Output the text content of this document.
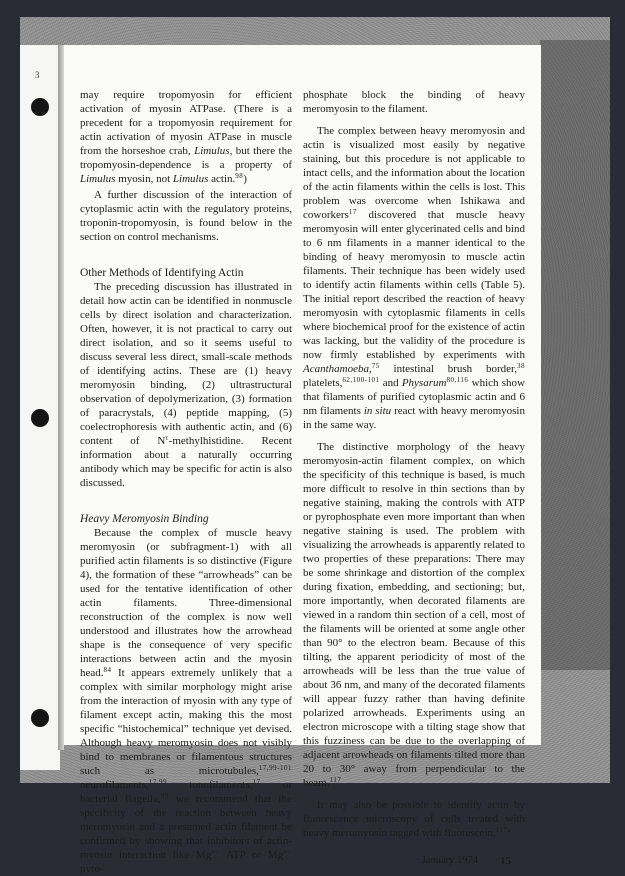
3

may require tropomyosin for efficient activation of myosin ATPase. (There is a precedent for a tropomyosin requirement for actin activation of myosin ATPase in muscle from the horseshoe crab, Limulus, but there the tropomyosin-dependence is a property of Limulus myosin, not Limulus actin.$^{98}$)

A further discussion of the interaction of cytoplasmic actin with the regulatory proteins, troponin-tropomyosin, is found below in the section on control mechanisms.

Other Methods of Identifying Actin

The preceding discussion has illustrated in detail how actin can be identified in nonmuscle cells by direct isolation and characterization. Often, however, it is not practical to carry out direct isolation, and so it seems useful to discuss several less direct, small-scale methods of identifying actins. These are (1) heavy meromyosin binding, (2) ultrastructural observation of depolymerization, (3) formation of paracrystals, (4) peptide mapping, (5) coelectrophoresis with authentic actin, and (6) content of $N^\tau$-methylhistidine. Recent information about a naturally occurring antibody which may be specific for actin is also discussed.

Heavy Meromyosin Binding

Because the complex of muscle heavy meromyosin (or subfragment-1) with all purified actin filaments is so distinctive (Figure 4), the formation of these “arrowheads” can be used for the tentative identification of other actin filaments. Three-dimensional reconstruction of the complex is now well understood and illustrates how the arrowhead shape is the consequence of very specific interactions between actin and the myosin head.$^{84}$ It appears extremely unlikely that a complex with similar morphology might arise from the interaction of myosin with any type of filament except actin, making this the most specific “histochemical” technique yet devised. Although heavy meromyosin does not visibly bind to membranes or filamentous structures such as microtubules,$^{17,99-101}$ neurofilaments,$^{17,99}$ tonofilaments,$^{17}$ or bacterial flagella,$^{99}$ we recommend that the specificity of the reaction between heavy meromyosin and a presumed actin filament be confirmed by showing that inhibitors of actin-myosin interaction like Mg++ ATP or Mg++ pyro-

phosphate block the binding of heavy meromyosin to the filament.

The complex between heavy meromyosin and actin is visualized most easily by negative staining, but this procedure is not applicable to intact cells, and the information about the location of the actin filaments within the cells is lost. This problem was overcome when Ishikawa and coworkers$^{17}$ discovered that muscle heavy meromyosin will enter glycerinated cells and bind to 6 nm filaments in a manner identical to the binding of heavy meromyosin to muscle actin filaments. Their technique has been widely used to identify actin filaments within cells (Table 5). The initial report described the reaction of heavy meromyosin with cytoplasmic filaments in cells where biochemical proof for the existence of actin was lacking, but the validity of the procedure is now firmly established by experiments with Acanthamoeba,$^{75}$ intestinal brush border,$^{38}$ platelets,$^{62,100-101}$ and Physarum$^{80,116}$ which show that filaments of purified cytoplasmic actin and 6 nm filaments in situ react with heavy meromyosin in the same way.

The distinctive morphology of the heavy meromyosin-actin filament complex, on which the specificity of this technique is based, is much more difficult to resolve in thin sections than by negative staining, making the controls with ATP or pyrophosphate even more important than when negative staining is used. The problem with visualizing the arrowheads is apparently related to two properties of these preparations: There may be some shrinkage and distortion of the complex during fixation, embedding, and sectioning; but, more importantly, when decorated filaments are viewed in a random thin section of a cell, most of the filaments will be oriented at some angle other than 90° to the electron beam. Because of this tilting, the apparent periodicity of most of the arrowheads will be less than the true value of about 36 nm, and many of the decorated filaments will appear fuzzy rather than having definite polarized arrowheads. Experiments using an electron microscope with a tilting stage show that this fuzziness can be due to the overlapping of adjacent arrowheads on filaments tilted more than 20 to 30° away from perpendicular to the beam.$^{117}$

It may also be possible to identify actin by fluorescence microscopy of cells treated with heavy meromyosin tagged with fluorescein,$^{117a}$

January 1974 15
